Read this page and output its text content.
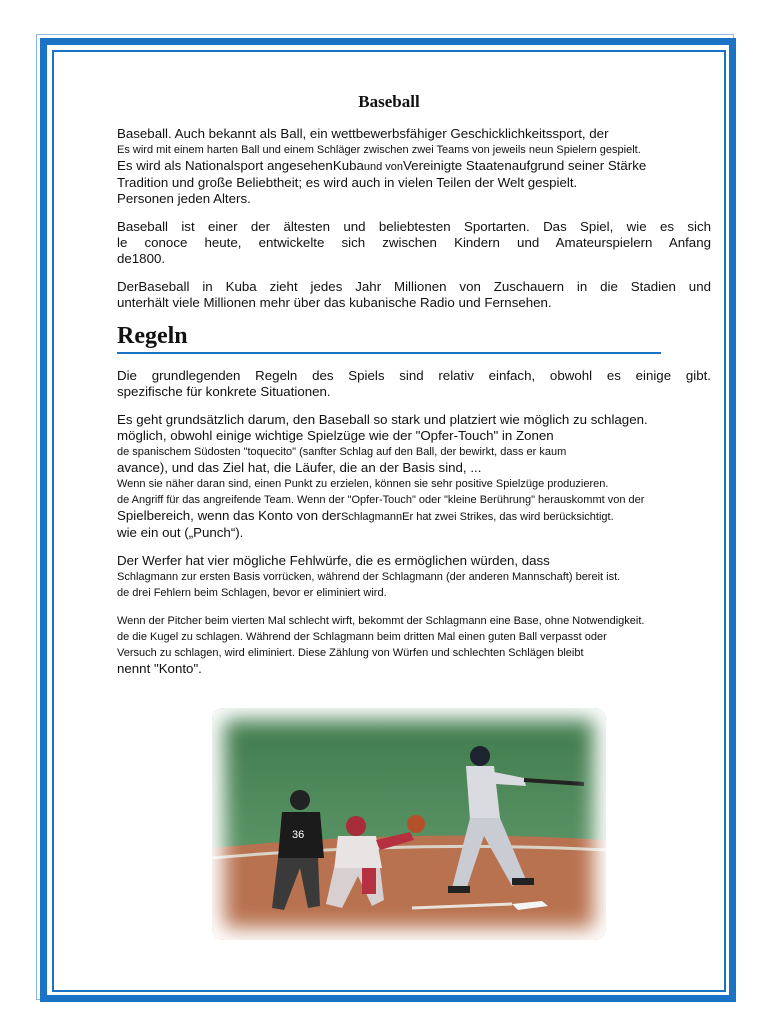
Baseball
Baseball. Auch bekannt als Ball, ein wettbewerbsfähiger Geschicklichkeitssport, der
Es wird mit einem harten Ball und einem Schläger zwischen zwei Teams von jeweils neun Spielern gespielt.
Es wird als Nationalsport angesehenKubaund vonVereinigte Staatenaufgrund seiner Stärke
Tradition und große Beliebtheit; es wird auch in vielen Teilen der Welt gespielt.
Personen jeden Alters.
Baseball ist einer der ältesten und beliebtesten Sportarten. Das Spiel, wie es sich
le conoce heute, entwickelte sich zwischen Kindern und Amateurspielern Anfang
de1800.
DerBaseball in Kuba zieht jedes Jahr Millionen von Zuschauern in die Stadien und
unterhält viele Millionen mehr über das kubanische Radio und Fernsehen.
Regeln
Die grundlegenden Regeln des Spiels sind relativ einfach, obwohl es einige gibt.
spezifische für konkrete Situationen.
Es geht grundsätzlich darum, den Baseball so stark und platziert wie möglich zu schlagen.
möglich, obwohl einige wichtige Spielzüge wie der "Opfer-Touch" in Zonen
de spanischem Südosten "toquecito" (sanfter Schlag auf den Ball, der bewirkt, dass er kaum
avance), und das Ziel hat, die Läufer, die an der Basis sind, ...
Wenn sie näher daran sind, einen Punkt zu erzielen, können sie sehr positive Spielzüge produzieren.
de Angriff für das angreifende Team. Wenn der "Opfer-Touch" oder "kleine Berührung" herauskommt von der
Spielbereich, wenn das Konto von derSchlagmannEr hat zwei Strikes, das wird berücksichtigt.
wie ein out („Punch“).
Der Werfer hat vier mögliche Fehlwürfe, die es ermöglichen würden, dass
Schlagmann zur ersten Basis vorrücken, während der Schlagmann (der anderen Mannschaft) bereit ist.
de drei Fehlern beim Schlagen, bevor er eliminiert wird.
Wenn der Pitcher beim vierten Mal schlecht wirft, bekommt der Schlagmann eine Base, ohne Notwendigkeit.
de die Kugel zu schlagen. Während der Schlagmann beim dritten Mal einen guten Ball verpasst oder
Versuch zu schlagen, wird eliminiert. Diese Zählung von Würfen und schlechten Schlägen bleibt
nennt "Konto".
36
